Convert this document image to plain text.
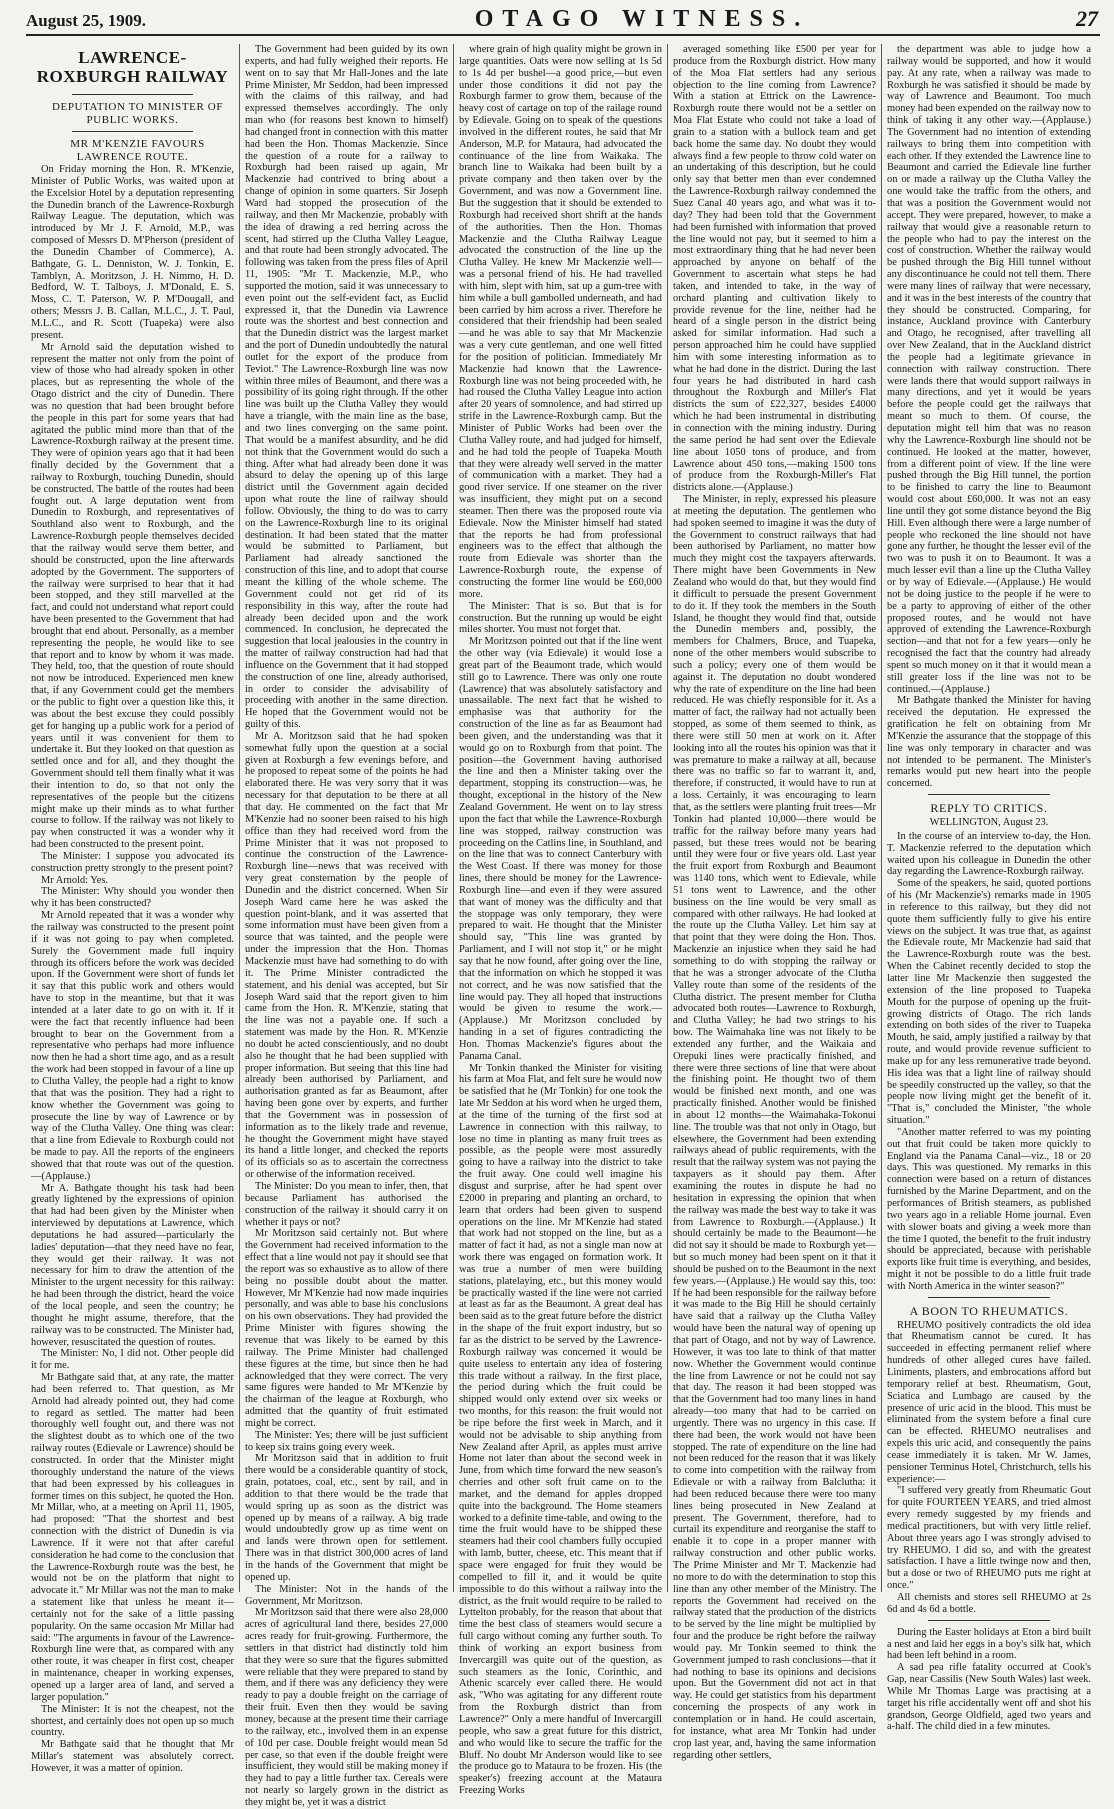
August 25, 1909.	OTAGO WITNESS.	27
LAWRENCE-ROXBURGH RAILWAY

DEPUTATION TO MINISTER OF PUBLIC WORKS.

MR M'KENZIE FAVOURS LAWRENCE ROUTE.

On Friday morning the Hon. R. M'Kenzie, Minister of Public Works, was waited upon at the Excelsior Hotel by a deputation representing the Dunedin branch of the Lawrence-Roxburgh Railway League. The deputation, which was introduced by Mr J. F. Arnold, M.P., was composed of Messrs D. M'Pherson (president of the Dunedin Chamber of Commerce), A. Bathgate, G. L. Denniston, W. J. Tonkin, E. Tamblyn, A. Moritzson, J. H. Nimmo, H. D. Bedford, W. T. Talboys, J. M'Donald, E. S. Moss, C. T. Paterson, W. P. M'Dougall, and others; Messrs J. B. Callan, M.L.C., J. T. Paul, M.L.C., and R. Scott (Tuapeka) were also present.

Mr Arnold said the deputation wished to represent the matter not only from the point of view of those who had already spoken in other places, but as representing the whole of the Otago district and the city of Dunedin. There was no question that had been brought before the people in this part for some years that had agitated the public mind more than that of the Lawrence-Roxburgh railway at the present time. They were of opinion years ago that it had been finally decided by the Government that a railway to Roxburgh, touching Dunedin, should be constructed. The battle of the routes had been fought out. A large deputation went from Dunedin to Roxburgh, and representatives of Southland also went to Roxburgh, and the Lawrence-Roxburgh people themselves decided that the railway would serve them better, and should be constructed, upon the line afterwards adopted by the Government. The supporters of the railway were surprised to hear that it had been stopped, and they still marvelled at the fact, and could not understand what report could have been presented to the Government that had brought that end about. Personally, as a member representing the people, he would like to see that report and to know by whom it was made. They held, too, that the question of route should not now be introduced. Experienced men knew that, if any Government could get the members or the public to fight over a question like this, it was about the best excuse they could possibly get for hanging up a public work for a period of years until it was convenient for them to undertake it. But they looked on that question as settled once and for all, and they thought the Government should tell them finally what it was their intention to do, so that not only the representatives of the people but the citizens might make up their minds as to what further course to follow. If the railway was not likely to pay when constructed it was a wonder why it had been constructed to the present point.

The Minister: I suppose you advocated its construction pretty strongly to the present point?

Mr Arnold: Yes.

The Minister: Why should you wonder then why it has been constructed?

Mr Arnold repeated that it was a wonder why the railway was constructed to the present point if it was not going to pay when completed. Surely the Government made full inquiry through its officers before the work was decided upon. If the Government were short of funds let it say that this public work and others would have to stop in the meantime, but that it was intended at a later date to go on with it. If it were the fact that recently influence had been brought to bear on the Government from a representative who perhaps had more influence now then he had a short time ago, and as a result the work had been stopped in favour of a line up to Clutha Valley, the people had a right to know that that was the position. They had a right to know whether the Government was going to prosecute the line by way of Lawrence or by way of the Clutha Valley. One thing was clear: that a line from Edievale to Roxburgh could not be made to pay. All the reports of the engineers showed that that route was out of the question.—(Applause.)

Mr A. Bathgate thought his task had been greatly lightened by the expressions of opinion that had had been given by the Minister when interviewed by deputations at Lawrence, which deputations he had assured—particularly the ladies' deputation—that they need have no fear, they would get their railway. It was not necessary for him to draw the attention of the Minister to the urgent necessity for this railway: he had been through the district, heard the voice of the local people, and seen the country; he thought he might assume, therefore, that the railway was to be constructed. The Minister had, however, resuscitated the question of routes.

The Minister: No, I did not. Other people did it for me.

Mr Bathgate said that, at any rate, the matter had been referred to. That question, as Mr Arnold had already pointed out, they had come to regard as settled. The matter had been thoroughly well fought out, and there was not the slightest doubt as to which one of the two railway routes (Edievale or Lawrence) should be constructed. In order that the Minister might thoroughly understand the nature of the views that had been expressed by his colleagues in former times on this subject, he quoted the Hon. Mr Millar, who, at a meeting on April 11, 1905, had proposed: "That the shortest and best connection with the district of Dunedin is via Lawrence. If it were not that after careful consideration he had come to the conclusion that the Lawrence-Roxburgh route was the best, he would not be on the platform that night to advocate it." Mr Millar was not the man to make a statement like that unless he meant it—certainly not for the sake of a little passing popularity. On the same occasion Mr Millar had said: "The arguments in favour of the Lawrence-Roxburgh line were that, as compared with any other route, it was cheaper in first cost, cheaper in maintenance, cheaper in working expenses, opened up a larger area of land, and served a larger population."

The Minister: It is not the cheapest, not the shortest, and certainly does not open up so much country.

Mr Bathgate said that he thought that Mr Millar's statement was absolutely correct. However, it was a matter of opinion.

The Government had been guided by its own experts, and had fully weighed their reports. He went on to say that Mr Hall-Jones and the late Prime Minister, Mr Seddon, had been impressed with the claims of this railway, and had expressed themselves accordingly. The only man who (for reasons best known to himself) had changed front in connection with this matter had been the Hon. Thomas Mackenzie. Since the question of a route for a railway to Roxburgh had been raised up again, Mr Mackenzie had contrived to bring about a change of opinion in some quarters. Sir Joseph Ward had stopped the prosecution of the railway, and then Mr Mackenzie, probably with the idea of drawing a red herring across the scent, had stirred up the Clutha Valley League, and that route had been strongly advocated. The following was taken from the press files of April 11, 1905: "Mr T. Mackenzie, M.P., who supported the motion, said it was unnecessary to even point out the self-evident fact, as Euclid expressed it, that the Dunedin via Lawrence route was the shortest and best connection and that the Dunedin district was the largest market and the port of Dunedin undoubtedly the natural outlet for the export of the produce from Teviot." The Lawrence-Roxburgh line was now within three miles of Beaumont, and there was a possibility of its going right through. If the other line was built up the Clutha Valley they would have a triangle, with the main line as the base, and two lines converging on the same point. That would be a manifest absurdity, and he did not think that the Government would do such a thing. After what had already been done it was absurd to delay the opening up of this large district until the Government again decided upon what route the line of railway should follow. Obviously, the thing to do was to carry on the Lawrence-Roxburgh line to its original destination. It had been stated that the matter would be submitted to Parliament, but Parliament had already sanctioned the construction of this line, and to adopt that course meant the killing of the whole scheme. The Government could not get rid of its responsibility in this way, after the route had already been decided upon and the work commenced. In conclusion, he deprecated the suggestion that local jealousies in the country in the matter of railway construction had had that influence on the Government that it had stopped the construction of one line, already authorised, in order to consider the advisability of proceeding with another in the same direction. He hoped that the Government would not be guilty of this.

Mr A. Moritzson said that he had spoken somewhat fully upon the question at a social given at Roxburgh a few evenings before, and he proposed to repeat some of the points he had elaborated there. He was very sorry that it was necessary for that deputation to be there at all that day. He commented on the fact that Mr M'Kenzie had no sooner been raised to his high office than they had received word from the Prime Minister that it was not proposed to continue the construction of the Lawrence-Roxburgh line—news that was received with very great consternation by the people of Dunedin and the district concerned. When Sir Joseph Ward came here he was asked the question point-blank, and it was asserted that some information must have been given from a source that was tainted, and the people were under the impression that the Hon. Thomas Mackenzie must have had something to do with it. The Prime Minister contradicted the statement, and his denial was accepted, but Sir Joseph Ward said that the report given to him came from the Hon. R. M'Kenzie, stating that the line was not a payable one. If such a statement was made by the Hon. R. M'Kenzie no doubt he acted conscientiously, and no doubt also he thought that he had been supplied with proper information. But seeing that this line had already been authorised by Parliament, and authorisation granted as far as Beaumont, after having been gone over by experts, and further that the Government was in possession of information as to the likely trade and revenue, he thought the Government might have stayed its hand a little longer, and checked the reports of its officials so as to ascertain the correctness or otherwise of the information received.

The Minister: Do you mean to infer, then, that because Parliament has authorised the construction of the railway it should carry it on whether it pays or not?

Mr Moritzson said certainly not. But where the Government had received information to the effect that a line would not pay it should see that the report was so exhaustive as to allow of there being no possible doubt about the matter. However, Mr M'Kenzie had now made inquiries personally, and was able to base his conclusions on his own observations. They had provided the Prime Minister with figures showing the revenue that was likely to be earned by this railway. The Prime Minister had challenged these figures at the time, but since then he had acknowledged that they were correct. The very same figures were handed to Mr M'Kenzie by the chairman of the league at Roxburgh, who admitted that the quantity of fruit estimated might be correct.

The Minister: Yes; there will be just sufficient to keep six trains going every week.

Mr Moritzson said that in addition to fruit there would be a considerable quantity of stock, grain, potatoes, coal, etc., sent by rail, and in addition to that there would be the trade that would spring up as soon as the district was opened up by means of a railway. A big trade would undoubtedly grow up as time went on and lands were thrown open for settlement. There was in that district 300,000 acres of land in the hands of the Government that might be opened up.

The Minister: Not in the hands of the Government, Mr Moritzson.

Mr Moritzson said that there were also 28,000 acres of agricultural land there, besides 27,000 acres ready for fruit-growing. Furthermore, the settlers in that district had distinctly told him that they were so sure that the figures submitted were reliable that they were prepared to stand by them, and if there was any deficiency they were ready to pay a double freight on the carriage of their fruit. Even then they would be saving money, because at the present time their carriage to the railway, etc., involved them in an expense of 10d per case. Double freight would mean 5d per case, so that even if the double freight were insufficient, they would still be making money if they had to pay a little further tax. Cereals were not nearly so largely grown in the district as they might be, yet it was a district

where grain of high quality might be grown in large quantities. Oats were now selling at 1s 5d to 1s 4d per bushel—a good price,—but even under those conditions it did not pay the Roxburgh farmer to grow them, because of the heavy cost of cartage on top of the railage round by Edievale. Going on to speak of the questions involved in the different routes, he said that Mr Anderson, M.P. for Mataura, had advocated the continuance of the line from Waikaka. The branch line to Waikaka had been built by a private company and then taken over by the Government, and was now a Government line. But the suggestion that it should be extended to Roxburgh had received short shrift at the hands of the authorities. Then the Hon. Thomas Mackenzie and the Clutha Railway League advocated the construction of the line up the Clutha Valley. He knew Mr Mackenzie well—was a personal friend of his. He had travelled with him, slept with him, sat up a gum-tree with him while a bull gambolled underneath, and had been carried by him across a river. Therefore he considered that their friendship had been sealed—and he was able to say that Mr Mackenzie was a very cute gentleman, and one well fitted for the position of politician. Immediately Mr Mackenzie had known that the Lawrence-Roxburgh line was not being proceeded with, he had roused the Clutha Valley League into action after 20 years of somnolence, and had stirred up strife in the Lawrence-Roxburgh camp. But the Minister of Public Works had been over the Clutha Valley route, and had judged for himself, and he had told the people of Tuapeka Mouth that they were already well served in the matter of communication with a market. They had a good river service. If one steamer on the river was insufficient, they might put on a second steamer. Then there was the proposed route via Edievale. Now the Minister himself had stated that the reports he had from professional engineers was to the effect that although the route from Edievale was shorter than the Lawrence-Roxburgh route, the expense of constructing the former line would be £60,000 more.

The Minister: That is so. But that is for construction. But the running up would be eight miles shorter. You must not forget that.

Mr Moritzson pointed out that if the line went the other way (via Edievale) it would lose a great part of the Beaumont trade, which would still go to Lawrence. There was only one route (Lawrence) that was absolutely satisfactory and unassailable. The next fact that he wished to emphasise was that authority for the construction of the line as far as Beaumont had been given, and the understanding was that it would go on to Roxburgh from that point. The position—the Government having authorised the line and then a Minister taking over the department, stopping its construction—was, he thought, exceptional in the history of the New Zealand Government. He went on to lay stress upon the fact that while the Lawrence-Roxburgh line was stopped, railway construction was proceeding on the Catlins line, in Southland, and on the line that was to connect Canterbury with the West Coast. If there was money for those lines, there should be money for the Lawrence-Roxburgh line—and even if they were assured that want of money was the difficulty and that the stoppage was only temporary, they were prepared to wait. He thought that the Minister should say, "This line was granted by Parliament, and I will not stop it," or he might say that he now found, after going over the line, that the information on which he stopped it was not correct, and he was now satisfied that the line would pay. They all hoped that instructions would be given to resume the work.—(Applause.) Mr Moritzson concluded by handing in a set of figures contradicting the Hon. Thomas Mackenzie's figures about the Panama Canal.

Mr Tonkin thanked the Minister for visiting his farm at Moa Flat, and felt sure he would now be satisfied that he (Mr Tonkin) for one took the late Mr Seddon at his word when he urged them, at the time of the turning of the first sod at Lawrence in connection with this railway, to lose no time in planting as many fruit trees as possible, as the people were most assuredly going to have a railway into the district to take the fruit away. One could well imagine his disgust and surprise, after he had spent over £2000 in preparing and planting an orchard, to learn that orders had been given to suspend operations on the line. Mr M'Kenzie had stated that work had not stopped on the line, but as a matter of fact it had, as not a single man now at work there was engaged on formation work. It was true a number of men were building stations, platelaying, etc., but this money would be practically wasted if the line were not carried at least as far as the Beaumont. A great deal has been said as to the great future before the district in the shape of the fruit export industry, but so far as the district to be served by the Lawrence-Roxburgh railway was concerned it would be quite useless to entertain any idea of fostering this trade without a railway. In the first place, the period during which the fruit could be shipped would only extend over six weeks or two months, for this reason: the fruit would not be ripe before the first week in March, and it would not be advisable to ship anything from New Zealand after April, as apples must arrive Home not later than about the second week in June, from which time forward the new season's cherries and other soft fruit came on to the market, and the demand for apples dropped quite into the background. The Home steamers worked to a definite time-table, and owing to the time the fruit would have to be shipped these steamers had their cool chambers fully occupied with lamb, butter, cheese, etc. This meant that if space were engaged for fruit they would be compelled to fill it, and it would be quite impossible to do this without a railway into the district, as the fruit would require to be railed to Lyttelton probably, for the reason that about that time the best class of steamers would secure a full cargo without coming any further south. To think of working an export business from Invercargill was quite out of the question, as such steamers as the Ionic, Corinthic, and Athenic scarcely ever called there. He would ask, "Who was agitating for any different route from the Roxburgh district than from Lawrence?" Only a mere handful of Invercargill people, who saw a great future for this district, and who would like to secure the traffic for the Bluff. No doubt Mr Anderson would like to see the produce go to Mataura to be frozen. His (the speaker's) freezing account at the Mataura Freezing Works

averaged something like £500 per year for produce from the Roxburgh district. How many of the Moa Flat settlers had any serious objection to the line coming from Lawrence? With a station at Ettrick on the Lawrence-Roxburgh route there would not be a settler on Moa Flat Estate who could not take a load of grain to a station with a bullock team and get back home the same day. No doubt they would always find a few people to throw cold water on an undertaking of this description, but he could only say that better men than ever condemned the Lawrence-Roxburgh railway condemned the Suez Canal 40 years ago, and what was it to-day? They had been told that the Government had been furnished with information that proved the line would not pay, but it seemed to him a most extraordinary thing that he had never been approached by anyone on behalf of the Government to ascertain what steps he had taken, and intended to take, in the way of orchard planting and cultivation likely to provide revenue for the line, neither had he heard of a single person in the district being asked for similar information. Had such a person approached him he could have supplied him with some interesting information as to what he had done in the district. During the last four years he had distributed in hard cash throughout the Roxburgh and Miller's Flat districts the sum of £22,327, besides £4000 which he had been instrumental in distributing in connection with the mining industry. During the same period he had sent over the Edievale line about 1050 tons of produce, and from Lawrence about 450 tons,—making 1500 tons of produce from the Roxburgh-Miller's Flat districts alone.—(Applause.)

The Minister, in reply, expressed his pleasure at meeting the deputation. The gentlemen who had spoken seemed to imagine it was the duty of the Government to construct railways that had been authorised by Parliament, no matter how much they might cost the taxpayers afterwards. There might have been Governments in New Zealand who would do that, but they would find it difficult to persuade the present Government to do it. If they took the members in the South Island, he thought they would find that, outside the Dunedin members and, possibly, the members for Chalmers, Bruce, and Tuapeka, none of the other members would subscribe to such a policy; every one of them would be against it. The deputation no doubt wondered why the rate of expenditure on the line had been reduced. He was chiefly responsible for it. As a matter of fact, the railway had not actually been stopped, as some of them seemed to think, as there were still 50 men at work on it. After looking into all the routes his opinion was that it was premature to make a railway at all, because there was no traffic so far to warrant it, and, therefore, if constructed, it would have to run at a loss. Certainly, it was encouraging to learn that, as the settlers were planting fruit trees—Mr Tonkin had planted 10,000—there would be traffic for the railway before many years had passed, but these trees would not be bearing until they were four or five years old. Last year the fruit export from Roxburgh and Beaumont was 1140 tons, which went to Edievale, while 51 tons went to Lawrence, and the other business on the line would be very small as compared with other railways. He had looked at the route up the Clutha Valley. Let him say at that point that they were doing the Hon. Thos. Mackenzie an injustice when they said he had something to do with stopping the railway or that he was a stronger advocate of the Clutha Valley route than some of the residents of the Clutha district. The present member for Clutha advocated both routes—Lawrence to Roxburgh, and Clutha Valley; he had two strings to his bow. The Waimahaka line was not likely to be extended any further, and the Waikaia and Orepuki lines were practically finished, and there were three sections of line that were about the finishing point. He thought two of them would be finished next month, and one was practically finished. Another would be finished in about 12 months—the Waimahaka-Tokonui line. The trouble was that not only in Otago, but elsewhere, the Government had been extending railways ahead of public requirements, with the result that the railway system was not paying the taxpayers as it should pay them. After examining the routes in dispute he had no hesitation in expressing the opinion that when the railway was made the best way to take it was from Lawrence to Roxburgh.—(Applause.) It should certainly be made to the Beaumont—he did not say it should be made to Roxburgh yet—but so much money had been spent on it that it should be pushed on to the Beaumont in the next few years.—(Applause.) He would say this, too: If he had been responsible for the railway before it was made to the Big Hill he should certainly have said that a railway up the Clutha Valley would have been the natural way of opening up that part of Otago, and not by way of Lawrence. However, it was too late to think of that matter now. Whether the Government would continue the line from Lawrence or not he could not say that day. The reason it had been stopped was that the Government had too many lines in hand already—too many that had to be carried on urgently. There was no urgency in this case. If there had been, the work would not have been stopped. The rate of expenditure on the line had not been reduced for the reason that it was likely to come into competition with the railway from Edievale or with a railway from Balclutha: it had been reduced because there were too many lines being prosecuted in New Zealand at present. The Government, therefore, had to curtail its expenditure and reorganise the staff to enable it to cope in a proper manner with railway construction and other public works. The Prime Minister and Mr T. Mackenzie had no more to do with the determination to stop this line than any other member of the Ministry. The reports the Government had received on the railway stated that the production of the districts to be served by the line might be multiplied by four and the produce be right before the railway would pay. Mr Tonkin seemed to think the Government jumped to rash conclusions—that it had nothing to base its opinions and decisions upon. But the Government did not act in that way. He could get statistics from his department concerning the prospects of any work in contemplation or in hand. He could ascertain, for instance, what area Mr Tonkin had under crop last year, and, having the same information regarding other settlers,

the department was able to judge how a railway would be supported, and how it would pay. At any rate, when a railway was made to Roxburgh he was satisfied it should be made by way of Lawrence and Beaumont. Too much money had been expended on the railway now to think of taking it any other way.—(Applause.) The Government had no intention of extending railways to bring them into competition with each other. If they extended the Lawrence line to Beaumont and carried the Edievale line further on or made a railway up the Clutha Valley the one would take the traffic from the others, and that was a position the Government would not accept. They were prepared, however, to make a railway that would give a reasonable return to the people who had to pay the interest on the cost of construction. Whether the railway would be pushed through the Big Hill tunnel without any discontinuance he could not tell them. There were many lines of railway that were necessary, and it was in the best interests of the country that they should be constructed. Comparing, for instance, Auckland province with Canterbury and Otago, he recognised, after travelling all over New Zealand, that in the Auckland district the people had a legitimate grievance in connection with railway construction. There were lands there that would support railways in many directions, and yet it would be years before the people could get the railways that meant so much to them. Of course, the deputation might tell him that was no reason why the Lawrence-Roxburgh line should not be continued. He looked at the matter, however, from a different point of view. If the line were pushed through the Big Hill tunnel, the portion to be finished to carry the line to Beaumont would cost about £60,000. It was not an easy line until they got some distance beyond the Big Hill. Even although there were a large number of people who reckoned the line should not have gone any further, he thought the lesser evil of the two was to push it on to Beaumont. It was a much lesser evil than a line up the Clutha Valley or by way of Edievale.—(Applause.) He would not be doing justice to the people if he were to be a party to approving of either of the other proposed routes, and he would not have approved of extending the Lawrence-Roxburgh section—and that not for a few years—only he recognised the fact that the country had already spent so much money on it that it would mean a still greater loss if the line was not to be continued.—(Applause.)

Mr Bathgate thanked the Minister for having received the deputation. He expressed the gratification he felt on obtaining from Mr M'Kenzie the assurance that the stoppage of this line was only temporary in character and was not intended to be permanent. The Minister's remarks would put new heart into the people concerned.

REPLY TO CRITICS.
WELLINGTON, August 23.

In the course of an interview to-day, the Hon. T. Mackenzie referred to the deputation which waited upon his colleague in Dunedin the other day regarding the Lawrence-Roxburgh railway.

Some of the speakers, he said, quoted portions of his (Mr Mackenzie's) remarks made in 1905 in reference to this railway, but they did not quote them sufficiently fully to give his entire views on the subject. It was true that, as against the Edievale route, Mr Mackenzie had said that the Lawrence-Roxburgh route was the best. When the Cabinet recently decided to stop the latter line Mr Mackenzie then suggested the extension of the line proposed to Tuapeka Mouth for the purpose of opening up the fruit-growing districts of Otago. The rich lands extending on both sides of the river to Tuapeka Mouth, he said, amply justified a railway by that route, and would provide revenue sufficient to make up for any less remunerative trade beyond. His idea was that a light line of railway should be speedily constructed up the valley, so that the people now living might get the benefit of it. "That is," concluded the Minister, "the whole situation."

"Another matter referred to was my pointing out that fruit could be taken more quickly to England via the Panama Canal—viz., 18 or 20 days. This was questioned. My remarks in this connection were based on a return of distances furnished by the Marine Department, and on the performances of British steamers, as published two years ago in a reliable Home journal. Even with slower boats and giving a week more than the time I quoted, the benefit to the fruit industry should be appreciated, because with perishable exports like fruit time is everything, and besides, might it not be possible to do a little fruit trade with North America in the winter season?"

A BOON TO RHEUMATICS.

RHEUMO positively contradicts the old idea that Rheumatism cannot be cured. It has succeeded in effecting permanent relief where hundreds of other alleged cures have failed. Liniments, plasters, and embrocations afford but temporary relief at best. Rheumatism, Gout, Sciatica and Lumbago are caused by the presence of uric acid in the blood. This must be eliminated from the system before a final cure can be effected. RHEUMO neutralises and expels this uric acid, and consequently the pains cease immediately it is taken. Mr W. James, pensioner Terminus Hotel, Christchurch, tells his experience:—

"I suffered very greatly from Rheumatic Gout for quite FOURTEEN YEARS, and tried almost every remedy suggested by my friends and medical practitioners, but with very little relief. About three years ago I was strongly advised to try RHEUMO. I did so, and with the greatest satisfaction. I have a little twinge now and then, but a dose or two of RHEUMO puts me right at once."

All chemists and stores sell RHEUMO at 2s 6d and 4s 6d a bottle.

During the Easter holidays at Eton a bird built a nest and laid her eggs in a boy's silk hat, which had been left behind in a room.

A sad pea rifle fatality occurred at Cook's Gap, near Cassilis (New South Wales) last week. While Mr Thomas Large was practising at a target his rifle accidentally went off and shot his grandson, George Oldfield, aged two years and a-half. The child died in a few minutes.
